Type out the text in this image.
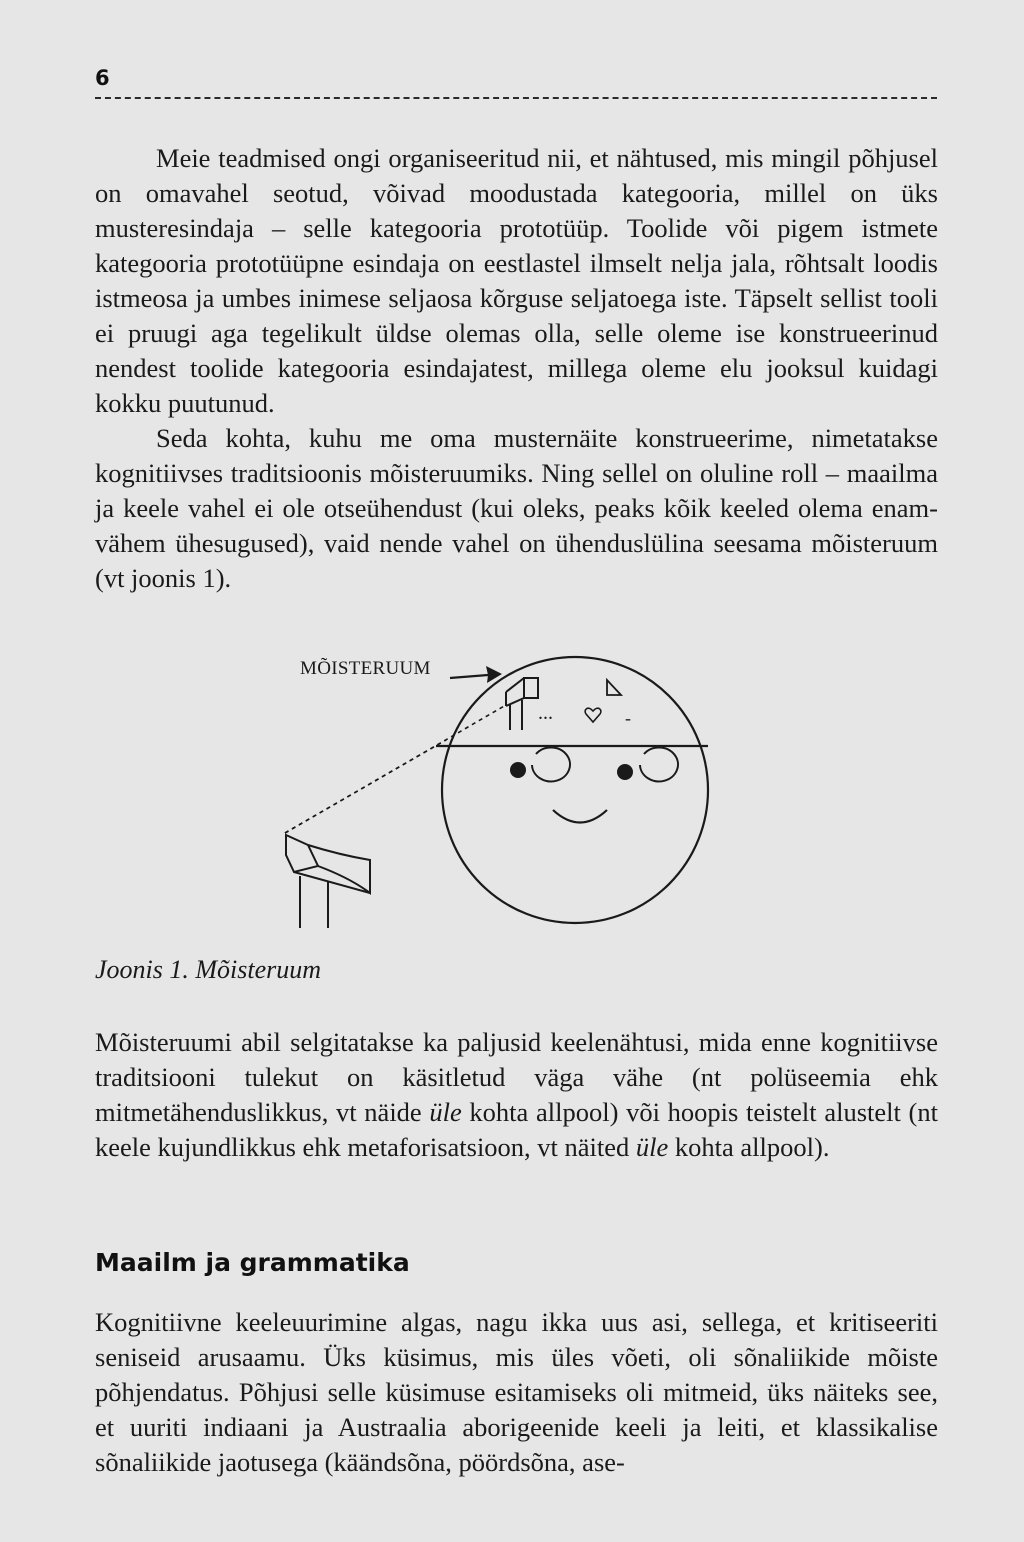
6

Meie teadmised ongi organiseeritud nii, et nähtused, mis mingil põhjusel on omavahel seotud, võivad moodustada kategooria, millel on üks musteresindaja – selle kategooria prototüüp. Toolide või pigem istmete kategooria prototüüpne esindaja on eestlastel ilmselt nelja jala, rõhtsalt loodis istmeosa ja umbes inimese seljaosa kõrguse seljatoega iste. Täpselt sellist tooli ei pruugi aga tegelikult üldse olemas olla, selle oleme ise konstrueerinud nendest toolide kategooria esindajatest, millega oleme elu jooksul kuidagi kokku puutunud.

Seda kohta, kuhu me oma musternäite konstrueerime, nimetatakse kognitiivses traditsioonis mõisteruumiks. Ning sellel on oluline roll – maailma ja keele vahel ei ole otseühendust (kui oleks, peaks kõik keeled olema enam-vähem ühesugused), vaid nende vahel on ühenduslülina seesama mõisteruum (vt joonis 1).

MÕISTERUUM
...	-
Joonis 1. Mõisteruum

Mõisteruumi abil selgitatakse ka paljusid keelenähtusi, mida enne kognitiivse traditsiooni tulekut on käsitletud väga vähe (nt polüseemia ehk mitmetähenduslikkus, vt näide üle kohta allpool) või hoopis teistelt alustelt (nt keele kujundlikkus ehk metaforisatsioon, vt näited üle kohta allpool).

Maailm ja grammatika

Kognitiivne keeleuurimine algas, nagu ikka uus asi, sellega, et kritiseeriti seniseid arusaamu. Üks küsimus, mis üles võeti, oli sõnaliikide mõiste põhjendatus. Põhjusi selle küsimuse esitamiseks oli mitmeid, üks näiteks see, et uuriti indiaani ja Austraalia aborigeenide keeli ja leiti, et klassikalise sõnaliikide jaotusega (käändsõna, pöördsõna, ase-
